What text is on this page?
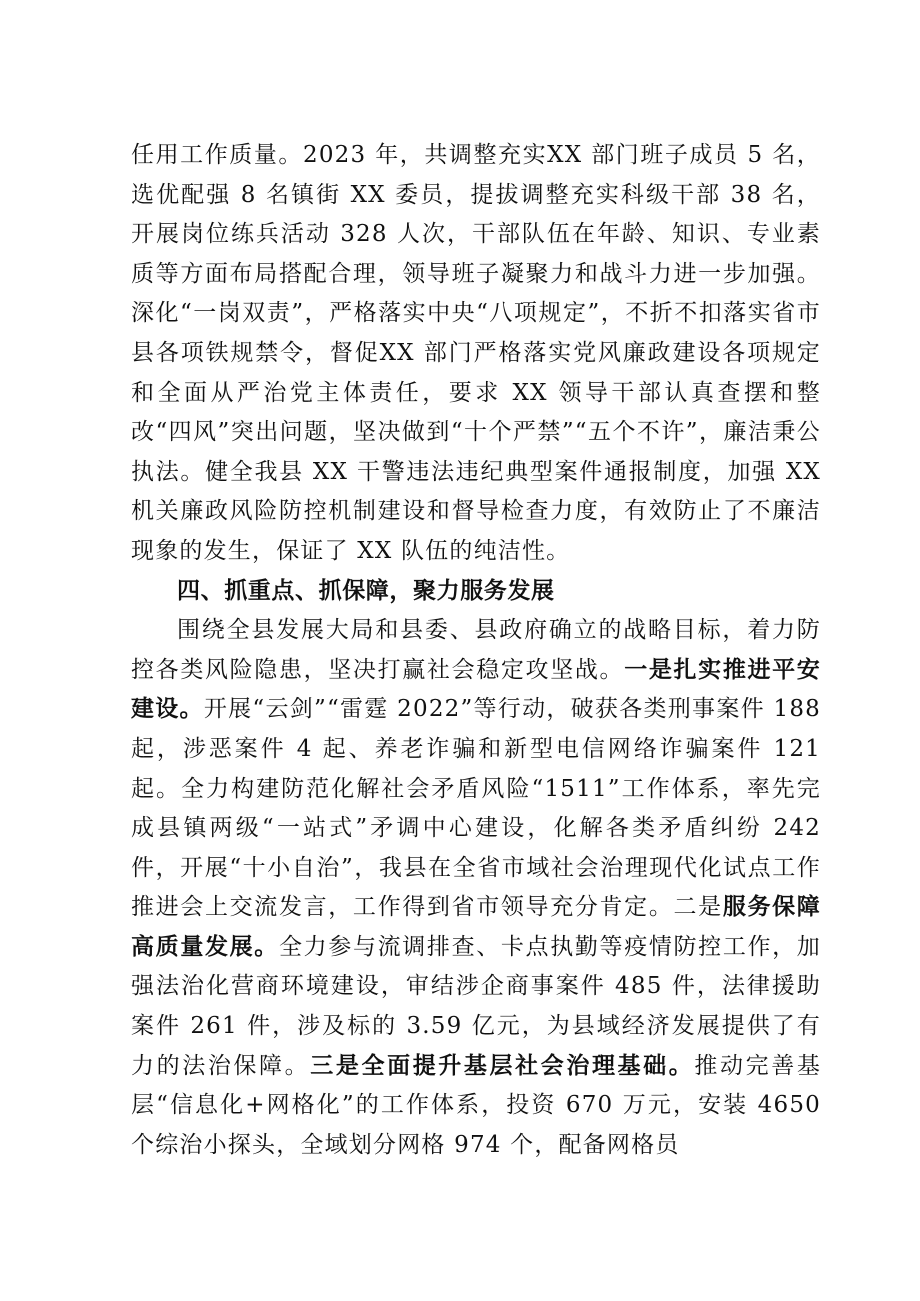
任用工作质量。2023 年，共调整充实XX 部门班子成员 5 名，选优配强 8 名镇街 XX 委员，提拔调整充实科级干部 38 名，开展岗位练兵活动 328 人次，干部队伍在年龄、知识、专业素质等方面布局搭配合理，领导班子凝聚力和战斗力进一步加强。深化“一岗双责”，严格落实中央“八项规定”，不折不扣落实省市县各项铁规禁令，督促XX 部门严格落实党风廉政建设各项规定和全面从严治党主体责任，要求 XX 领导干部认真查摆和整改“四风”突出问题，坚决做到“十个严禁”“五个不许”，廉洁秉公执法。健全我县 XX 干警违法违纪典型案件通报制度，加强 XX 机关廉政风险防控机制建设和督导检查力度，有效防止了不廉洁现象的发生，保证了 XX 队伍的纯洁性。

四、抓重点、抓保障，聚力服务发展

围绕全县发展大局和县委、县政府确立的战略目标，着力防控各类风险隐患，坚决打赢社会稳定攻坚战。一是扎实推进平安建设。开展“云剑”“雷霆 2022”等行动，破获各类刑事案件 188 起，涉恶案件 4 起、养老诈骗和新型电信网络诈骗案件 121 起。全力构建防范化解社会矛盾风险“1511”工作体系，率先完成县镇两级“一站式”矛调中心建设，化解各类矛盾纠纷 242 件，开展“十小自治”，我县在全省市域社会治理现代化试点工作推进会上交流发言，工作得到省市领导充分肯定。二是服务保障高质量发展。全力参与流调排查、卡点执勤等疫情防控工作，加强法治化营商环境建设，审结涉企商事案件 485 件，法律援助案件 261 件，涉及标的 3.59 亿元，为县域经济发展提供了有力的法治保障。三是全面提升基层社会治理基础。推动完善基层“信息化+网格化”的工作体系，投资 670 万元，安装 4650 个综治小探头，全域划分网格 974 个，配备网格员
